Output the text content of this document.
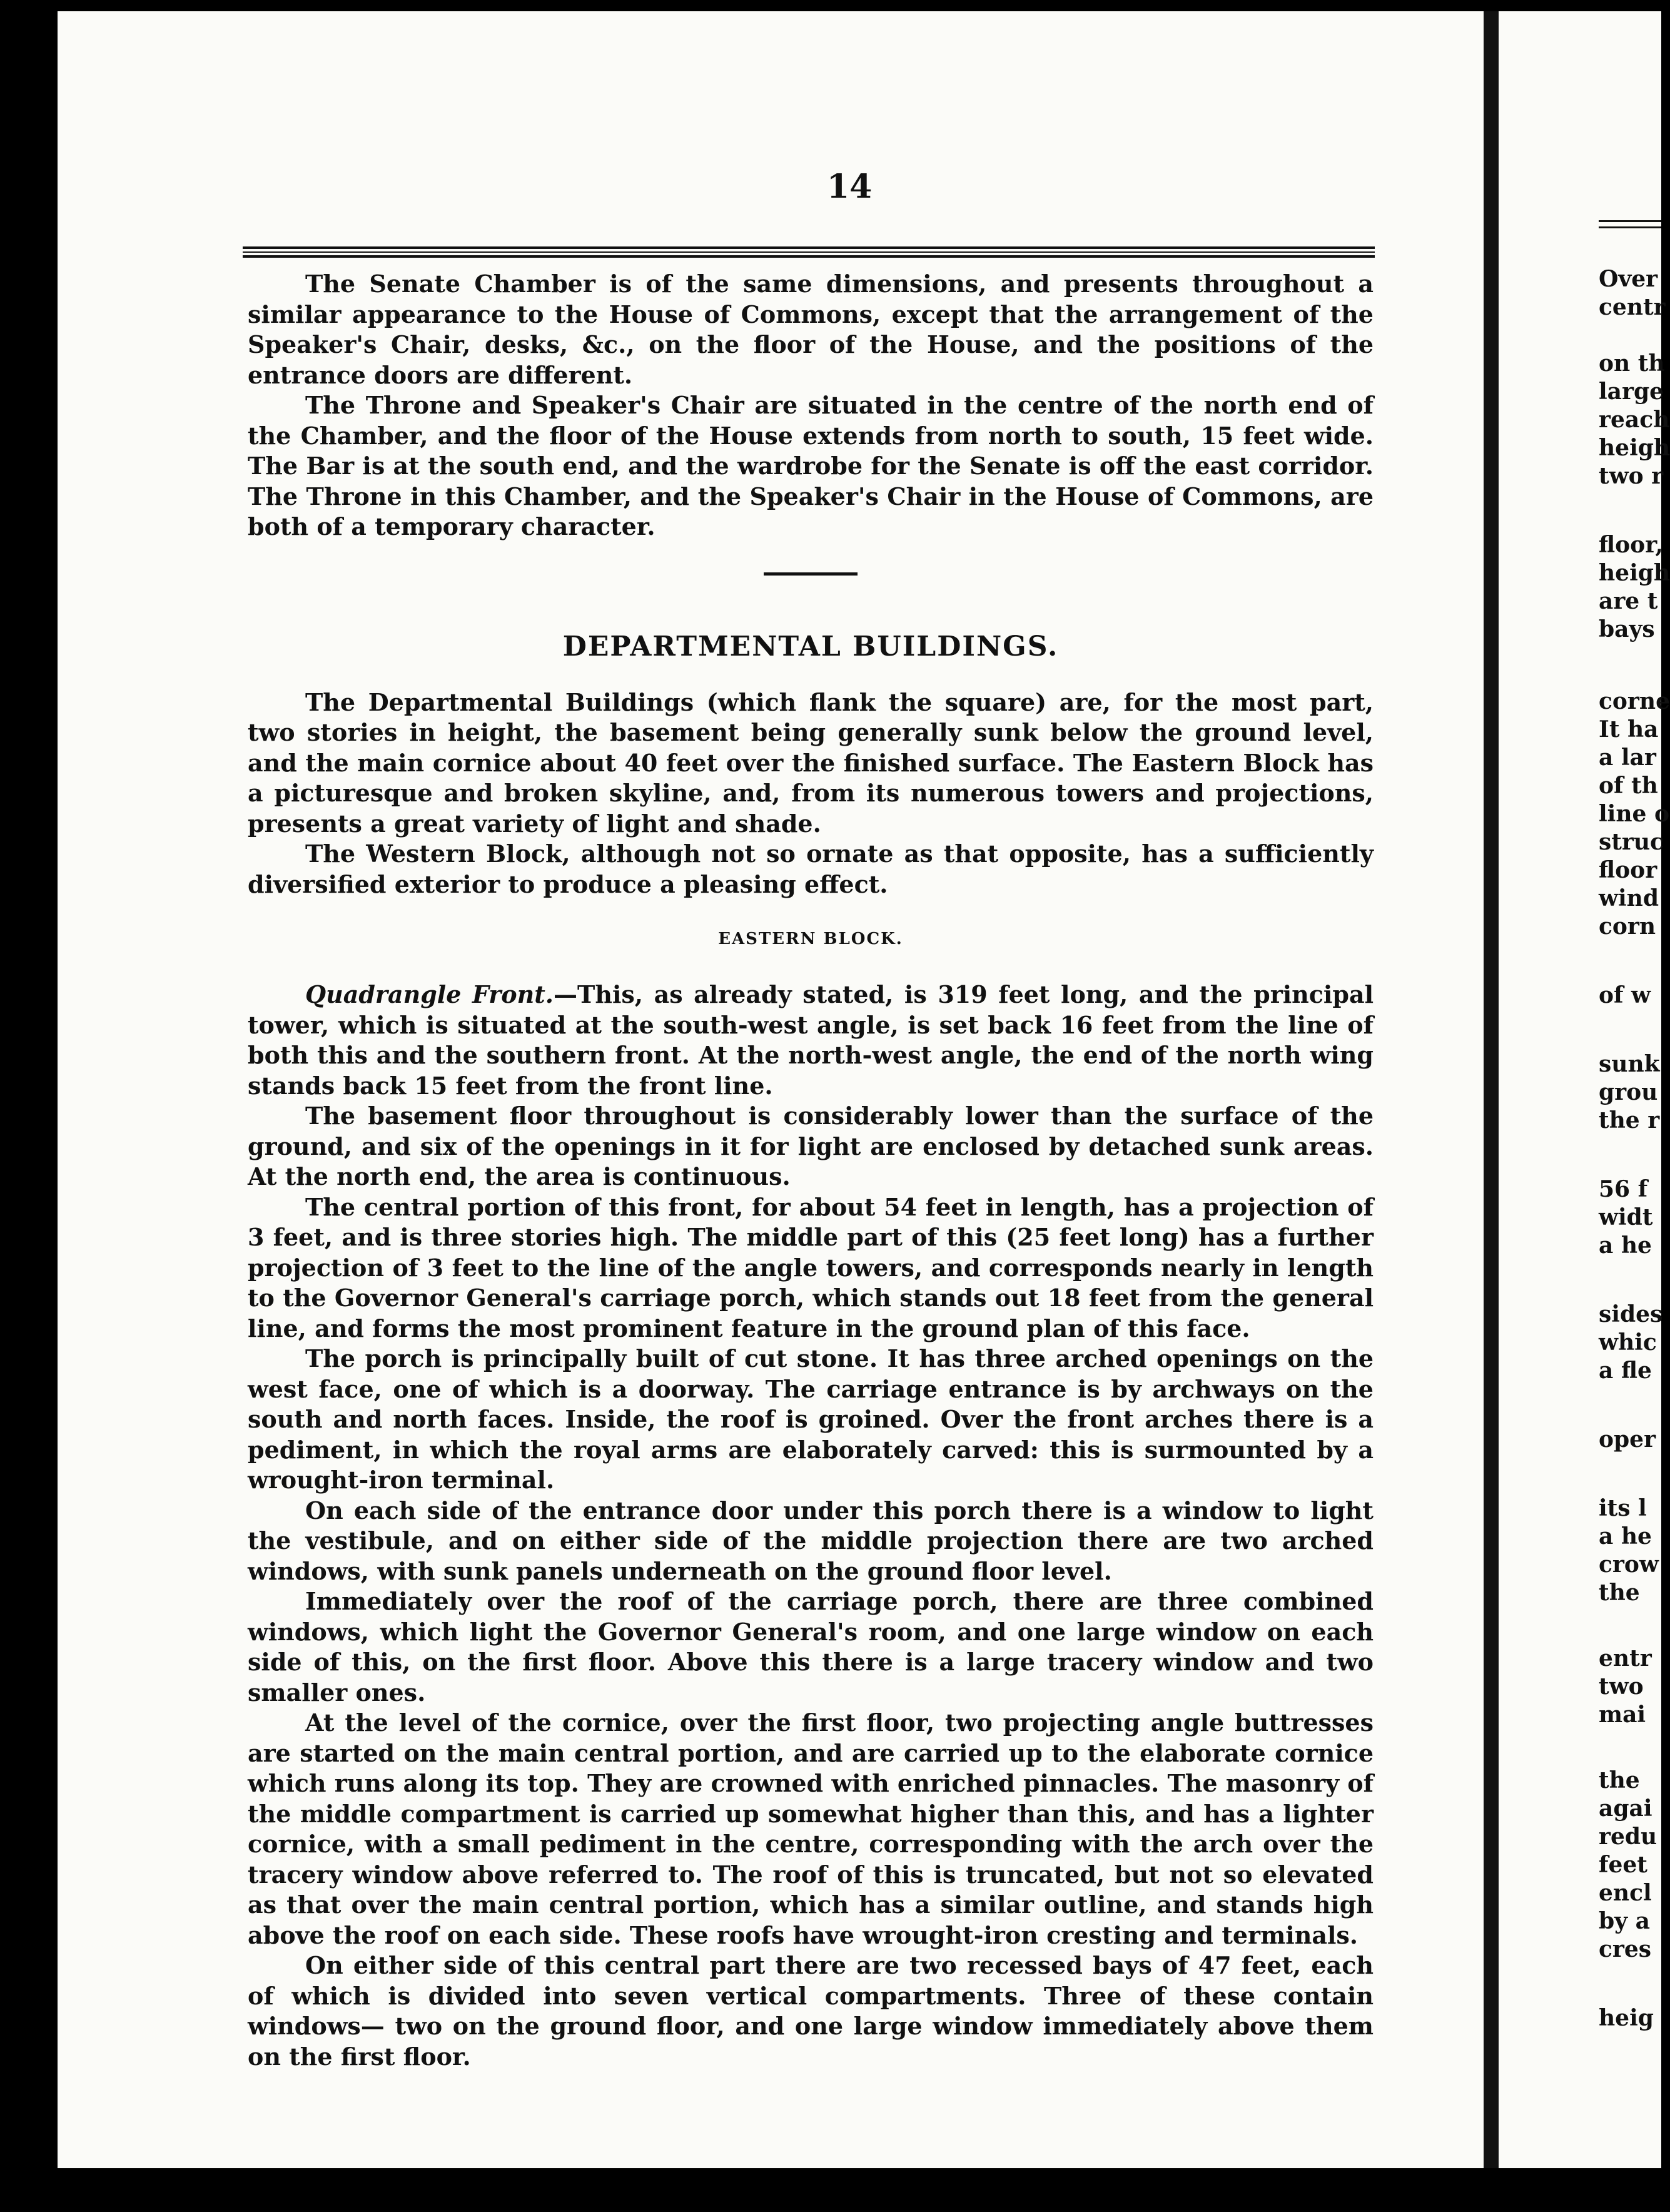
14

The Senate Chamber is of the same dimensions, and presents throughout a similar appearance to the House of Commons, except that the arrangement of the Speaker's Chair, desks, &c., on the floor of the House, and the positions of the entrance doors are different.

The Throne and Speaker's Chair are situated in the centre of the north end of the Chamber, and the floor of the House extends from north to south, 15 feet wide. The Bar is at the south end, and the wardrobe for the Senate is off the east corridor. The Throne in this Chamber, and the Speaker's Chair in the House of Commons, are both of a temporary character.

DEPARTMENTAL BUILDINGS.

The Departmental Buildings (which flank the square) are, for the most part, two stories in height, the basement being generally sunk below the ground level, and the main cornice about 40 feet over the finished surface. The Eastern Block has a picturesque and broken skyline, and, from its numerous towers and projections, presents a great variety of light and shade.

The Western Block, although not so ornate as that opposite, has a sufficiently diversified exterior to produce a pleasing effect.

EASTERN BLOCK.

Quadrangle Front.—This, as already stated, is 319 feet long, and the principal tower, which is situated at the south-west angle, is set back 16 feet from the line of both this and the southern front. At the north-west angle, the end of the north wing stands back 15 feet from the front line.

The basement floor throughout is considerably lower than the surface of the ground, and six of the openings in it for light are enclosed by detached sunk areas. At the north end, the area is continuous.

The central portion of this front, for about 54 feet in length, has a projection of 3 feet, and is three stories high. The middle part of this (25 feet long) has a further projection of 3 feet to the line of the angle towers, and corresponds nearly in length to the Governor General's carriage porch, which stands out 18 feet from the general line, and forms the most prominent feature in the ground plan of this face.

The porch is principally built of cut stone. It has three arched openings on the west face, one of which is a doorway. The carriage entrance is by archways on the south and north faces. Inside, the roof is groined. Over the front arches there is a pediment, in which the royal arms are elaborately carved: this is surmounted by a wrought-iron terminal.

On each side of the entrance door under this porch there is a window to light the vestibule, and on either side of the middle projection there are two arched windows, with sunk panels underneath on the ground floor level.

Immediately over the roof of the carriage porch, there are three combined windows, which light the Governor General's room, and one large window on each side of this, on the first floor. Above this there is a large tracery window and two smaller ones.

At the level of the cornice, over the first floor, two projecting angle buttresses are started on the main central portion, and are carried up to the elaborate cornice which runs along its top. They are crowned with enriched pinnacles. The masonry of the middle compartment is carried up somewhat higher than this, and has a lighter cornice, with a small pediment in the centre, corresponding with the arch over the tracery window above referred to. The roof of this is truncated, but not so elevated as that over the main central portion, which has a similar outline, and stands high above the roof on each side. These roofs have wrought-iron cresting and terminals.

On either side of this central part there are two recessed bays of 47 feet, each of which is divided into seven vertical compartments. Three of these contain windows— two on the ground floor, and one large window immediately above them on the first floor.

Over
centr
on th
large
reach
heigh
two r
floor,
heigh
are t
bays
corne
It ha
a lar
of th
line o
struc
floor
wind
corn
of w
sunk
grou
the r
56 f
widt
a he
sides
whic
a fle
oper
its l
a he
crow
the
entr
two
mai
the
agai
redu
feet
encl
by a
cres
heig
